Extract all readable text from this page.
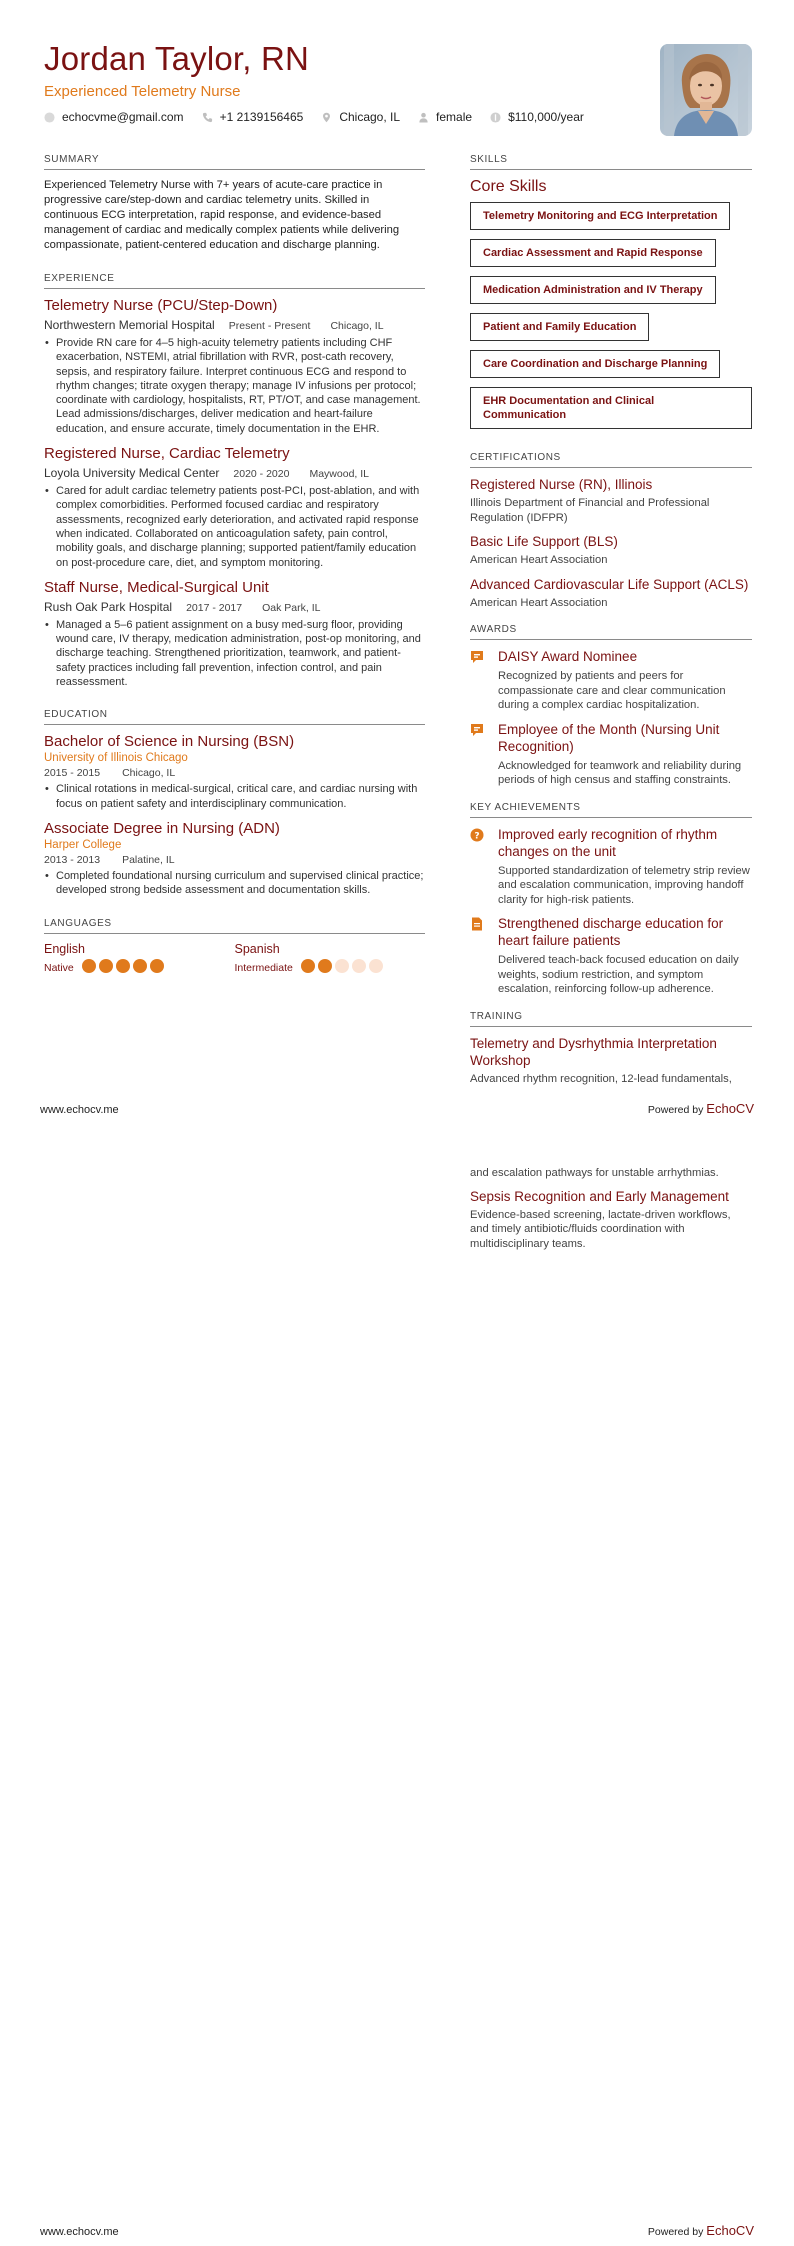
Jordan Taylor, RN
Experienced Telemetry Nurse
echocvme@gmail.com	+1 2139156465	Chicago, IL	female	$110,000/year
SUMMARY

Experienced Telemetry Nurse with 7+ years of acute-care practice in progressive care/step-down and cardiac telemetry units. Skilled in continuous ECG interpretation, rapid response, and evidence-based management of cardiac and medically complex patients while delivering compassionate, patient-centered education and discharge planning.

EXPERIENCE
Telemetry Nurse (PCU/Step-Down)
Northwestern Memorial Hospital Present - Present Chicago, IL
• Provide RN care for 4–5 high-acuity telemetry patients including CHF exacerbation, NSTEMI, atrial fibrillation with RVR, post-cath recovery, sepsis, and respiratory failure. Interpret continuous ECG and respond to rhythm changes; titrate oxygen therapy; manage IV infusions per protocol; coordinate with cardiology, hospitalists, RT, PT/OT, and case management. Lead admissions/discharges, deliver medication and heart-failure education, and ensure accurate, timely documentation in the EHR.
Registered Nurse, Cardiac Telemetry
Loyola University Medical Center 2020 - 2020 Maywood, IL
• Cared for adult cardiac telemetry patients post-PCI, post-ablation, and with complex comorbidities. Performed focused cardiac and respiratory assessments, recognized early deterioration, and activated rapid response when indicated. Collaborated on anticoagulation safety, pain control, mobility goals, and discharge planning; supported patient/family education on post-procedure care, diet, and symptom monitoring.
Staff Nurse, Medical-Surgical Unit
Rush Oak Park Hospital 2017 - 2017 Oak Park, IL
• Managed a 5–6 patient assignment on a busy med-surg floor, providing wound care, IV therapy, medication administration, post-op monitoring, and discharge teaching. Strengthened prioritization, teamwork, and patient-safety practices including fall prevention, infection control, and pain reassessment.
EDUCATION
Bachelor of Science in Nursing (BSN)
University of Illinois Chicago
2015 - 2015 Chicago, IL
• Clinical rotations in medical-surgical, critical care, and cardiac nursing with focus on patient safety and interdisciplinary communication.
Associate Degree in Nursing (ADN)
Harper College
2013 - 2013 Palatine, IL
• Completed foundational nursing curriculum and supervised clinical practice; developed strong bedside assessment and documentation skills.
LANGUAGES
English
Native
Spanish
Intermediate
SKILLS
Core Skills
Telemetry Monitoring and ECG Interpretation
Cardiac Assessment and Rapid Response
Medication Administration and IV Therapy
Patient and Family Education
Care Coordination and Discharge Planning
EHR Documentation and Clinical Communication
CERTIFICATIONS
Registered Nurse (RN), Illinois
Illinois Department of Financial and Professional Regulation (IDFPR)
Basic Life Support (BLS)
American Heart Association
Advanced Cardiovascular Life Support (ACLS)
American Heart Association
AWARDS
DAISY Award Nominee
Recognized by patients and peers for compassionate care and clear communication during a complex cardiac hospitalization.
Employee of the Month (Nursing Unit Recognition)
Acknowledged for teamwork and reliability during periods of high census and staffing constraints.
KEY ACHIEVEMENTS
? Improved early recognition of rhythm changes on the unit
Supported standardization of telemetry strip review and escalation communication, improving handoff clarity for high-risk patients.
Strengthened discharge education for heart failure patients
Delivered teach-back focused education on daily weights, sodium restriction, and symptom escalation, reinforcing follow-up adherence.
TRAINING
Telemetry and Dysrhythmia Interpretation Workshop
Advanced rhythm recognition, 12-lead fundamentals,
www.echocv.me	Powered by EchoCV
and escalation pathways for unstable arrhythmias.
Sepsis Recognition and Early Management
Evidence-based screening, lactate-driven workflows, and timely antibiotic/fluids coordination with multidisciplinary teams.
www.echocv.me	Powered by EchoCV
